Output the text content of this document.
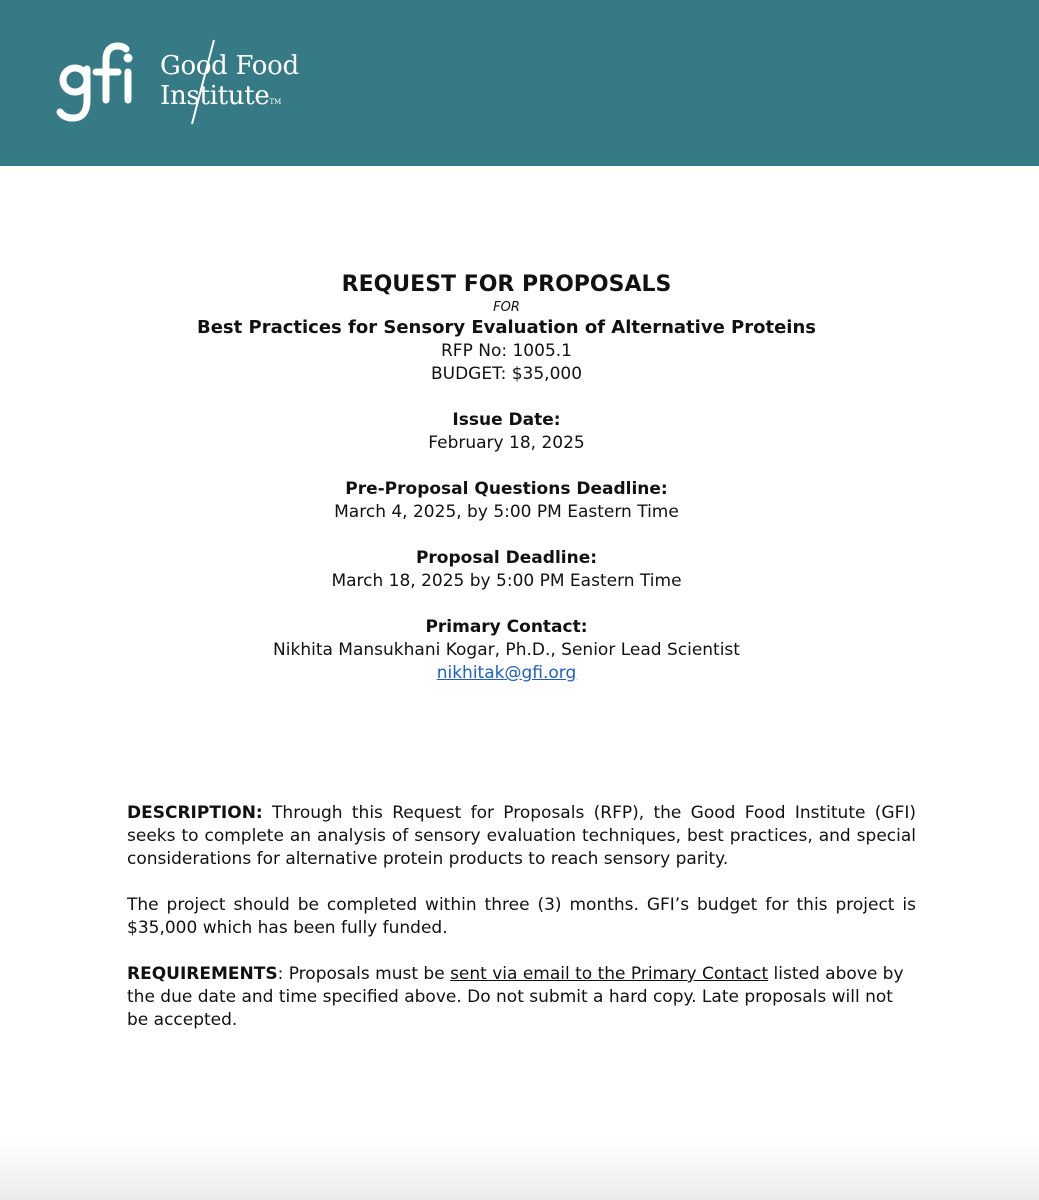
Good Food
InstituteTM
REQUEST FOR PROPOSALS
FOR
Best Practices for Sensory Evaluation of Alternative Proteins
RFP No: 1005.1
BUDGET: $35,000
Issue Date:
February 18, 2025
Pre-Proposal Questions Deadline:
March 4, 2025, by 5:00 PM Eastern Time
Proposal Deadline:
March 18, 2025 by 5:00 PM Eastern Time
Primary Contact:
Nikhita Mansukhani Kogar, Ph.D., Senior Lead Scientist
nikhitak@gfi.org

DESCRIPTION: Through this Request for Proposals (RFP), the Good Food Institute (GFI) seeks to complete an analysis of sensory evaluation techniques, best practices, and special considerations for alternative protein products to reach sensory parity.

The project should be completed within three (3) months. GFI’s budget for this project is $35,000 which has been fully funded.

REQUIREMENTS: Proposals must be sent via email to the Primary Contact listed above by the due date and time specified above. Do not submit a hard copy. Late proposals will not be accepted.
